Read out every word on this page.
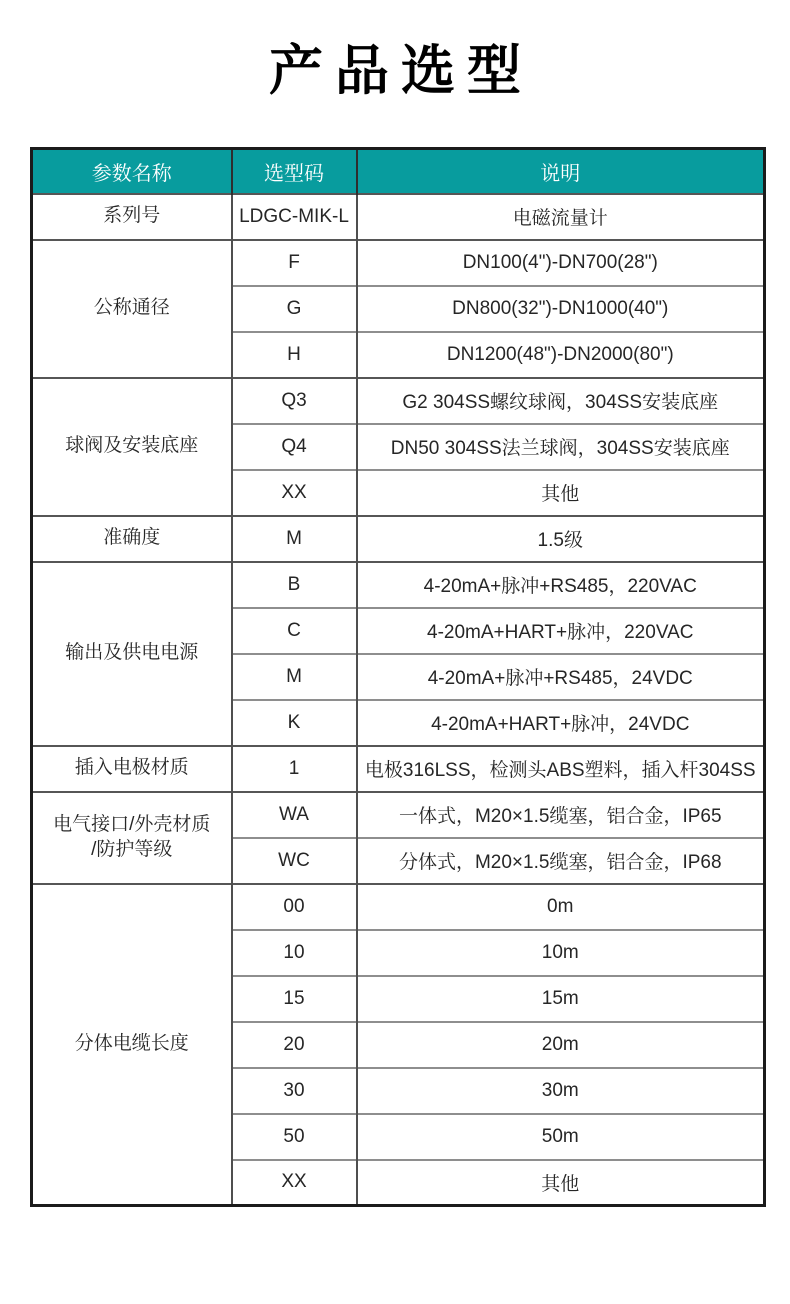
产品选型
参数名称	选型码	说明
系列号	LDGC-MIK-L	电磁流量计
公称通径	F	DN100(4")-DN700(28")
	G	DN800(32")-DN1000(40")
	H	DN1200(48")-DN2000(80")
球阀及安装底座	Q3	G2 304SS螺纹球阀，304SS安装底座
	Q4	DN50 304SS法兰球阀，304SS安装底座
	XX	其他
准确度	M	1.5级
输出及供电电源	B	4-20mA+脉冲+RS485，220VAC
	C	4-20mA+HART+脉冲，220VAC
	M	4-20mA+脉冲+RS485，24VDC
	K	4-20mA+HART+脉冲，24VDC
插入电极材质	1	电极316LSS，检测头ABS塑料，插入杆304SS

电气接口/外壳材质
/防护等级	WA	一体式，M20×1.5缆塞，铝合金，IP65
	WC	分体式，M20×1.5缆塞，铝合金，IP68
分体电缆长度	00	0m
	10	10m
	15	15m
	20	20m
	30	30m
	50	50m
	XX	其他
